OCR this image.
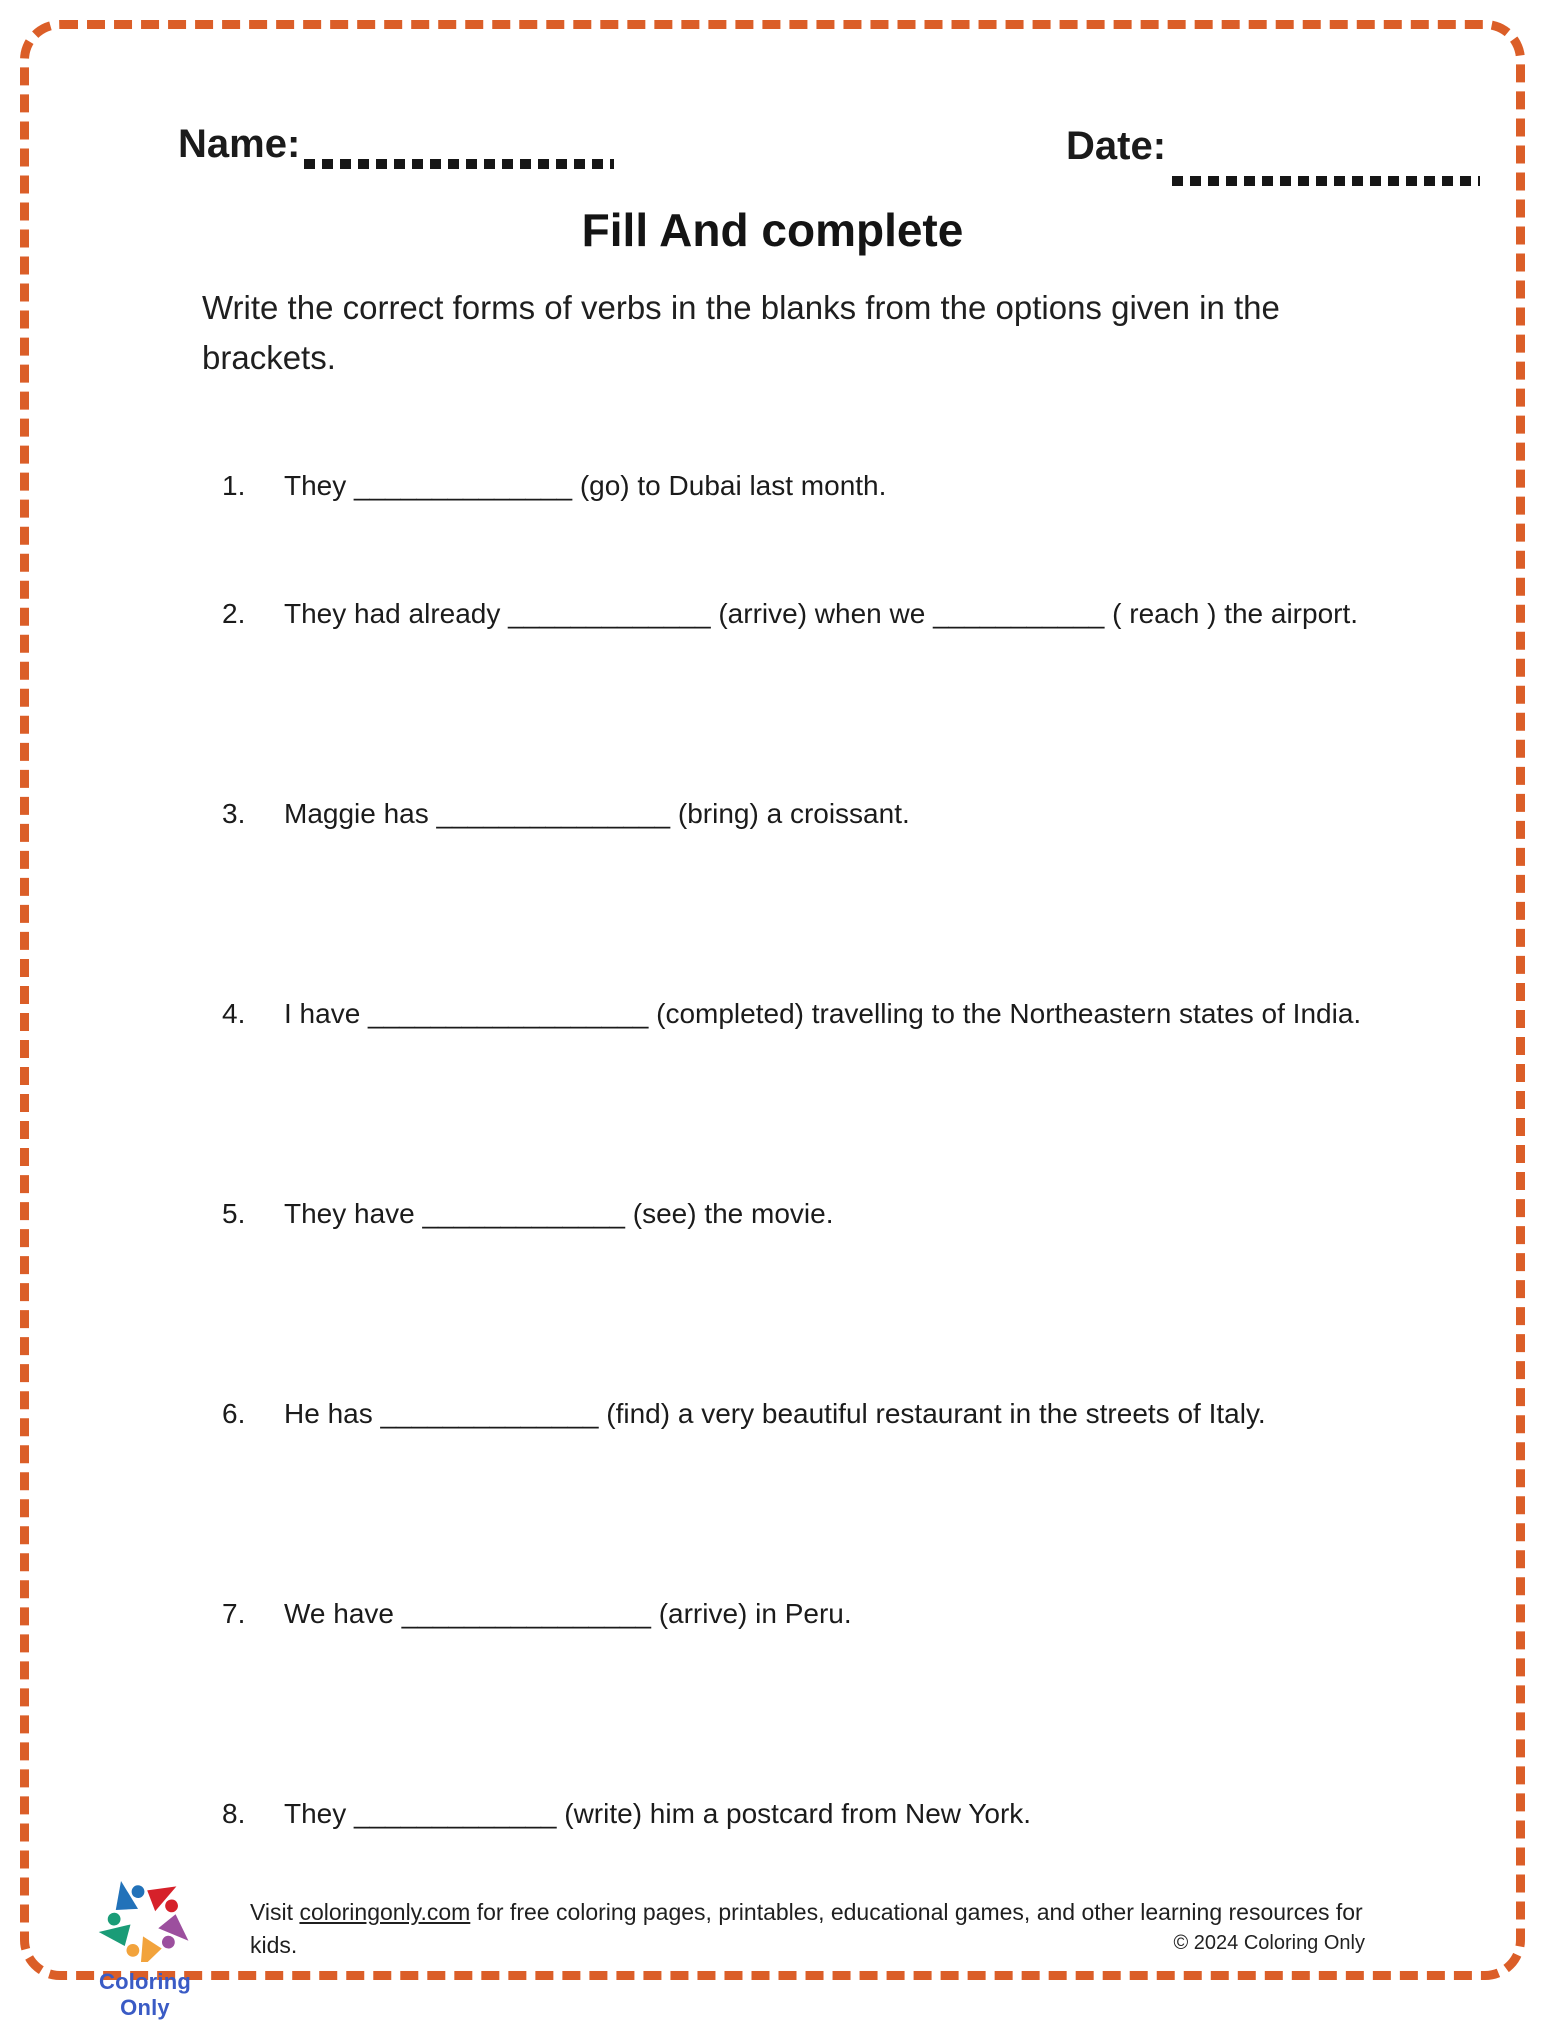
Name:	Date:
Fill And complete

Write the correct forms of verbs in the blanks from the options given in the brackets.

1.	They ______________ (go) to Dubai last month.
2.	They had already _____________ (arrive) when we ___________ ( reach ) the airport.
3.	Maggie has _______________ (bring) a croissant.
4.	I have __________________ (completed) travelling to the Northeastern states of India.
5.	They have _____________ (see) the movie.
6.	He has ______________ (find) a very beautiful restaurant in the streets of Italy.
7.	We have ________________ (arrive) in Peru.
8.	They _____________ (write) him a postcard from New York.
Coloring Only

Visit coloringonly.com for free coloring pages, printables, educational games, and other learning resources for kids.	© 2024 Coloring Only
